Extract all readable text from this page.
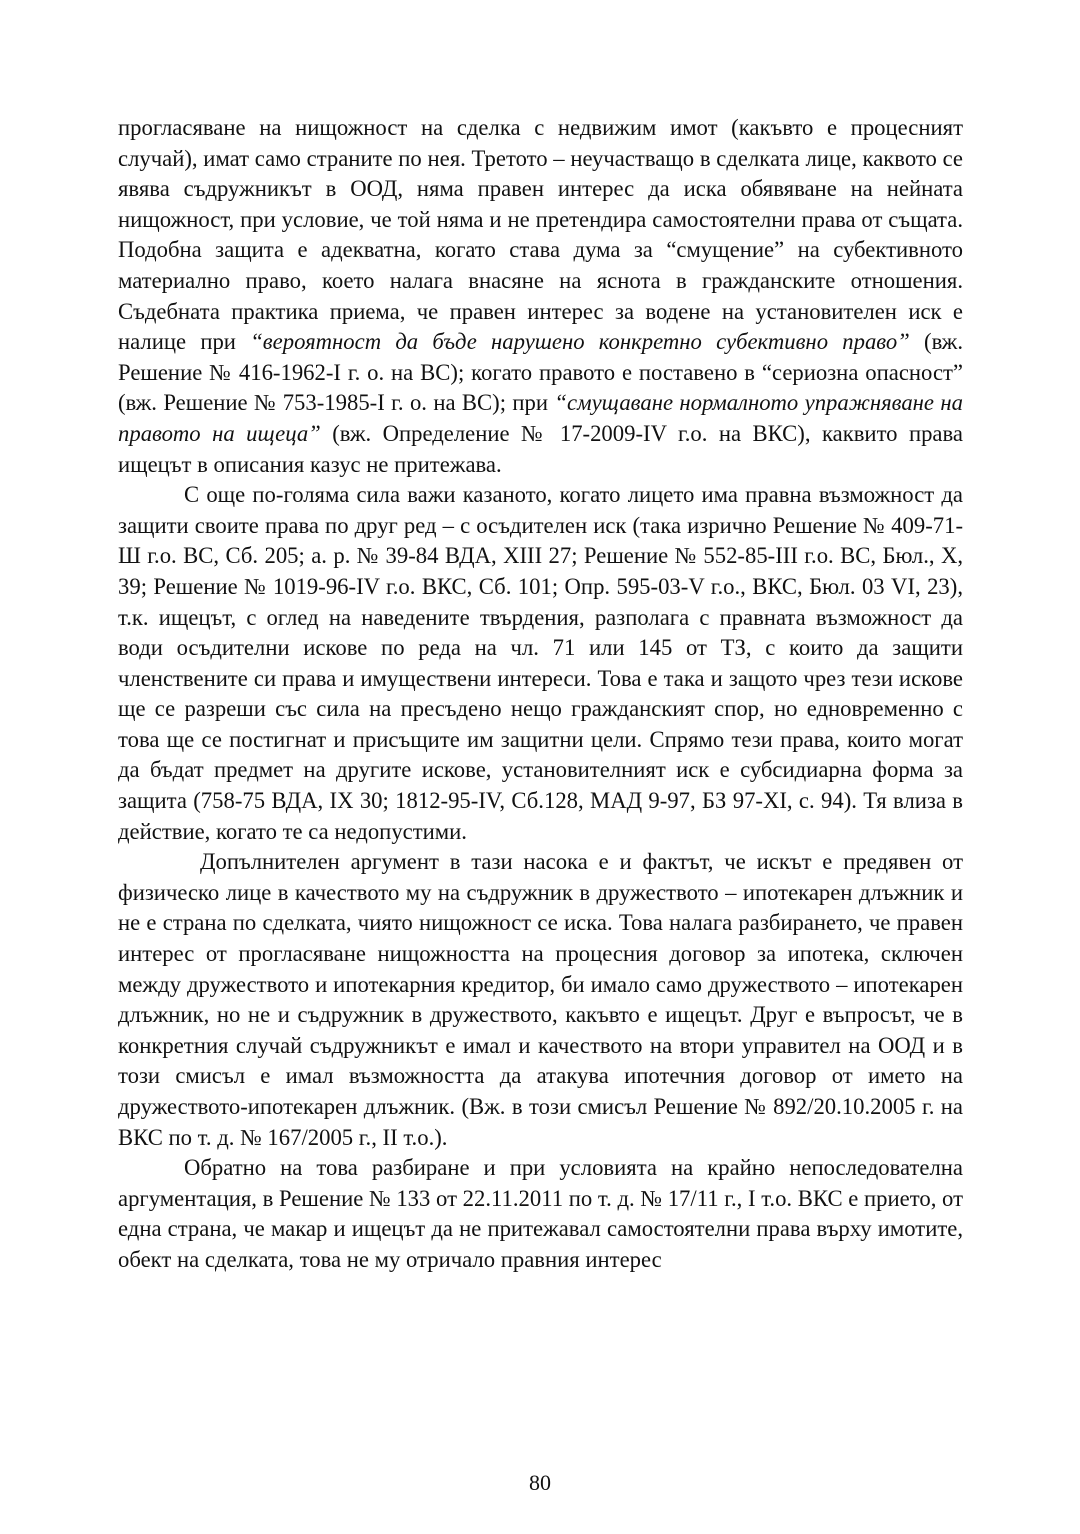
прогласяване на нищожност на сделка с недвижим имот (какъвто е процесният случай), имат само страните по нея. Третото – неучастващо в сделката лице, каквото се явява съдружникът в ООД, няма правен интерес да иска обявяване на нейната нищожност, при условие, че той няма и не претендира самостоятелни права от същата. Подобна защита е адекватна, когато става дума за “смущение” на субективното материално право, което налага внасяне на яснота в гражданските отношения. Съдебната практика приема, че правен интерес за водене на установителен иск е налице при “вероятност да бъде нарушено конкретно субективно право” (вж. Решение № 416-1962-I г. о. на ВС); когато правото е поставено в “сериозна опасност” (вж. Решение № 753-1985-I г. о. на ВС); при “смущаване нормалното упражняване на правото на ищеца” (вж. Определение № 17-2009-IV г.о. на ВКС), каквито права ищецът в описания казус не притежава.

С още по-голяма сила важи казаното, когато лицето има правна възможност да защити своите права по друг ред – с осъдителен иск (така изрично Решение № 409-71-Ш г.о. ВС, Сб. 205; а. р. № 39-84 ВДА, XIII 27; Решение № 552-85-III г.о. ВС, Бюл., X, 39; Решение № 1019-96-IV г.о. ВКС, Сб. 101; Опр. 595-03-V г.о., ВКС, Бюл. 03 VI, 23), т.к. ищецът, с оглед на наведените твърдения, разполага с правната възможност да води осъдителни искове по реда на чл. 71 или 145 от ТЗ, с които да защити членствените си права и имуществени интереси. Това е така и защото чрез тези искове ще се разреши със сила на пресъдено нещо гражданският спор, но едновременно с това ще се постигнат и присъщите им защитни цели. Спрямо тези права, които могат да бъдат предмет на другите искове, установителният иск е субсидиарна форма за защита (758-75 ВДА, IX 30; 1812-95-IV, Сб.128, МАД 9-97, БЗ 97-XI, с. 94). Тя влиза в действие, когато те са недопустими.

Допълнителен аргумент в тази насока е и фактът, че искът е предявен от физическо лице в качеството му на съдружник в дружеството – ипотекарен длъжник и не е страна по сделката, чиято нищожност се иска. Това налага разбирането, че правен интерес от прогласяване нищожността на процесния договор за ипотека, сключен между дружеството и ипотекарния кредитор, би имало само дружеството – ипотекарен длъжник, но не и съдружник в дружеството, какъвто е ищецът. Друг е въпросът, че в конкретния случай съдружникът е имал и качеството на втори управител на ООД и в този смисъл е имал възможността да атакува ипотечния договор от името на дружеството-ипотекарен длъжник. (Вж. в този смисъл Решение № 892/20.10.2005 г. на ВКС по т. д. № 167/2005 г., II т.о.).

Обратно на това разбиране и при условията на крайно непоследователна аргументация, в Решение № 133 от 22.11.2011 по т. д. № 17/11 г., I т.о. ВКС е прието, от една страна, че макар и ищецът да не притежавал самостоятелни права върху имотите, обект на сделката, това не му отричало правния интерес

80
